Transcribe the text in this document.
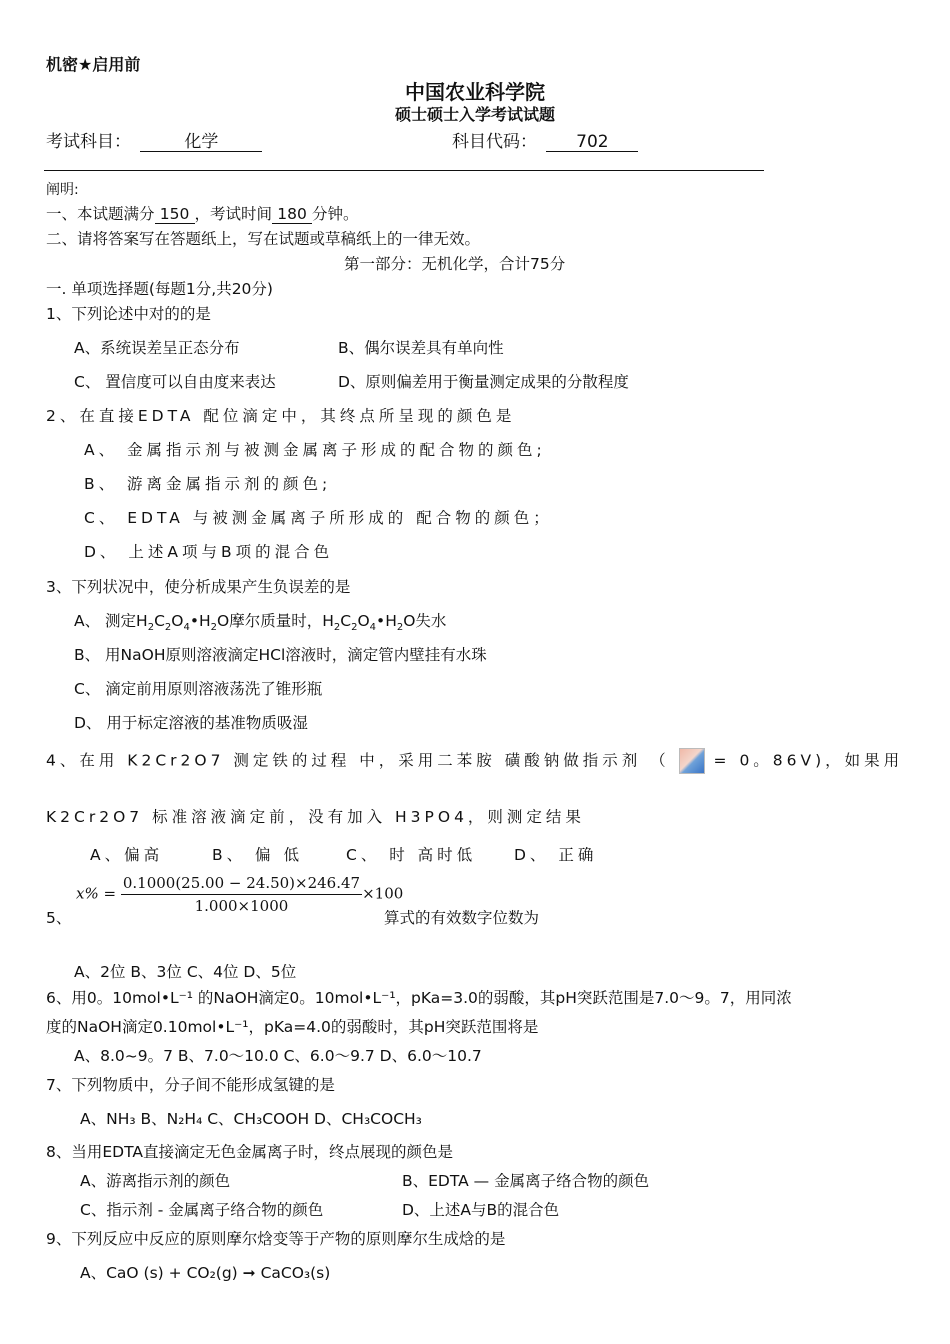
机密★启用前
中国农业科学院
硕士硕士入学考试试题
考试科目：	化学	科目代码： 702
阐明:
一、本试题满分 150 ，考试时间 180 分钟。
二、请将答案写在答题纸上，写在试题或草稿纸上的一律无效。
第一部分：无机化学，合计75分
一. 单项选择题(每题1分,共20分)
1、下列论述中对的的是
A、系统误差呈正态分布	B、偶尔误差具有单向性
C、 置信度可以自由度来表达	D、原则偏差用于衡量测定成果的分散程度
2、在直接EDTA 配位滴定中，其终点所呈现的颜色是
A、 金属指示剂与被测金属离子形成的配合物的颜色;
B、 游离金属指示剂的颜色;
C、 EDTA 与被测金属离子所形成的 配合物的颜色；
D、 上述A项与B项的混合色
3、下列状况中，使分析成果产生负误差的是
A、 测定$H_2C_2O_4•H_2O$摩尔质量时，$H_2C_2O_4•H_2O$失水
B、 用NaOH原则溶液滴定HCl溶液时，滴定管内壁挂有水珠
C、 滴定前用原则溶液荡洗了锥形瓶
D、 用于标定溶液的基准物质吸湿
4、在用 K2Cr2O7 测定铁的过程 中，采用二苯胺 磺酸钠做指示剂 （	= 0。86V)，如果用
K2Cr2O7 标准溶液滴定前，没有加入 H3PO4，则测定结果
A、偏高	B、 偏 低	C、 时 高时低 D、 正确
5、
$x\% = \frac{0.1000(25.00 - 24.50)\times 246.47}{1.000\times 1000} \times 100$
算式的有效数字位数为
A、2位 B、3位 C、4位 D、5位
6、用0。10mol•L⁻¹ 的NaOH滴定0。10mol•L⁻¹，pKa=3.0的弱酸，其pH突跃范围是7.0～9。7，用同浓
度的NaOH滴定0.10mol•L⁻¹，pKa=4.0的弱酸时，其pH突跃范围将是
A、8.0~9。7 B、7.0～10.0 C、6.0～9.7 D、6.0～10.7
7、下列物质中，分子间不能形成氢键的是
A、NH₃ B、N₂H₄ C、CH₃COOH D、CH₃COCH₃
8、当用EDTA直接滴定无色金属离子时，终点展现的颜色是
A、游离指示剂的颜色	B、EDTA — 金属离子络合物的颜色
C、指示剂 - 金属离子络合物的颜色	D、上述A与B的混合色
9、下列反应中反应的原则摩尔焓变等于产物的原则摩尔生成焓的是
A、CaO (s) + CO₂(g) ➞ CaCO₃(s)
